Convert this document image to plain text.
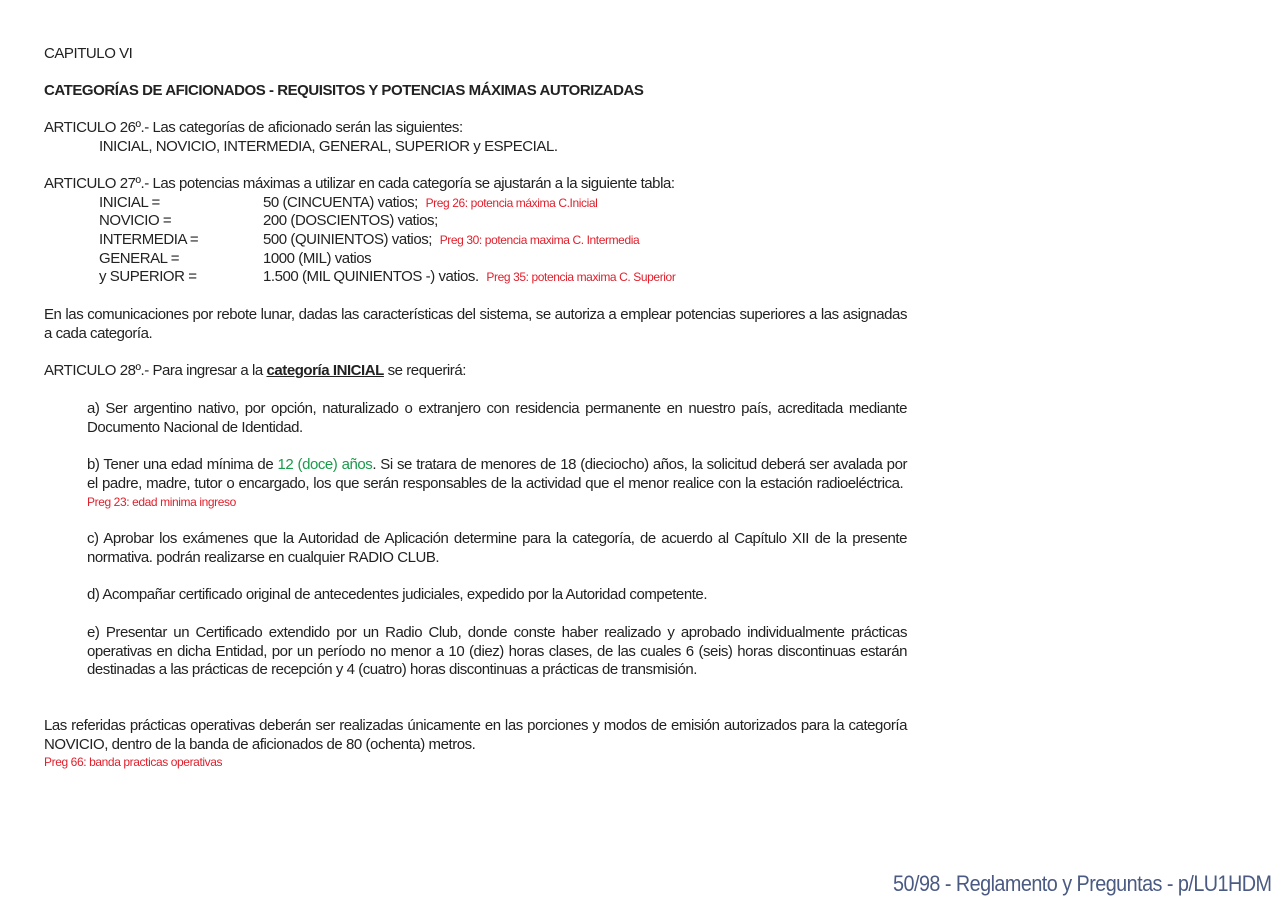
CAPITULO VI
CATEGORÍAS DE AFICIONADOS - REQUISITOS Y POTENCIAS MÁXIMAS AUTORIZADAS
ARTICULO 26º.- Las categorías de aficionado serán las siguientes:
INICIAL, NOVICIO, INTERMEDIA, GENERAL, SUPERIOR y ESPECIAL.
ARTICULO 27º.- Las potencias máximas a utilizar en cada categoría se ajustarán a la siguiente tabla:
INICIAL =	50 (CINCUENTA) vatios;
Preg 26: potencia máxima C.Inicial
NOVICIO =	200 (DOSCIENTOS) vatios;
INTERMEDIA =	500 (QUINIENTOS) vatios;
Preg 30: potencia maxima C. Intermedia
GENERAL =	1000 (MIL) vatios
y SUPERIOR =	1.500 (MIL QUINIENTOS -) vatios.
Preg 35: potencia maxima C. Superior
En las comunicaciones por rebote lunar, dadas las características del sistema, se autoriza a emplear potencias superiores a las asignadas a cada categoría.
ARTICULO 28º.- Para ingresar a la categoría INICIAL se requerirá:
a) Ser argentino nativo, por opción, naturalizado o extranjero con residencia permanente en nuestro país, acreditada mediante Documento Nacional de Identidad.
b) Tener una edad mínima de 12 (doce) años. Si se tratara de menores de 18 (dieciocho) años, la solicitud deberá ser avalada por el padre, madre, tutor o encargado, los que serán responsables de la actividad que el menor realice con la estación radioeléctrica.  Preg 23: edad minima ingreso
c) Aprobar los exámenes que la Autoridad de Aplicación determine para la categoría, de acuerdo al Capítulo XII de la presente normativa. podrán realizarse en cualquier RADIO CLUB.
d) Acompañar certificado original de antecedentes judiciales, expedido por la Autoridad competente.
e) Presentar un Certificado extendido por un Radio Club, donde conste haber realizado y aprobado individualmente prácticas operativas en dicha Entidad, por un período no menor a 10 (diez) horas clases, de las cuales 6 (seis) horas discontinuas estarán destinadas a las prácticas de recepción y 4 (cuatro) horas discontinuas a prácticas de transmisión.
Las referidas prácticas operativas deberán ser realizadas únicamente en las porciones y modos de emisión autorizados para la categoría NOVICIO, dentro de la banda de aficionados de 80 (ochenta) metros.
Preg 66: banda practicas operativas
50/98 - Reglamento y Preguntas - p/LU1HDM
